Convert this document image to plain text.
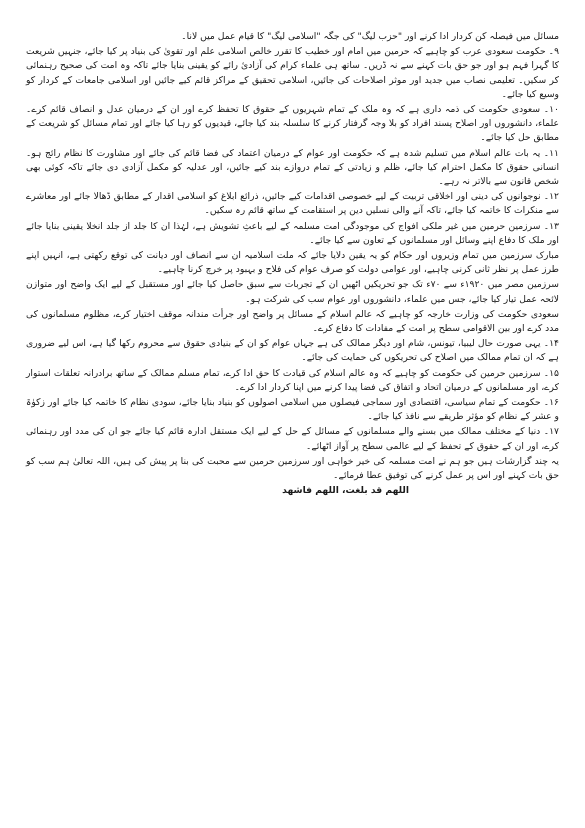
مسائل میں فیصلہ کن کردار ادا کرنے اور "حزب لیگ" کی جگہ "اسلامی لیگ" کا قیام عمل میں لانا۔

۹۔ حکومت سعودی عرب کو چاہیے کہ حرمین میں امام اور خطیب کا تقرر خالص اسلامی علم اور تقویٰ کی بنیاد پر کیا جائے، جنہیں شریعت کا گہرا فہم ہو اور جو حق بات کہنے سے نہ ڈریں۔ ساتھ ہی علماء کرام کی آزادیٔ رائے کو یقینی بنایا جائے تاکہ وہ امت کی صحیح رہنمائی کر سکیں۔ تعلیمی نصاب میں جدید اور موثر اصلاحات کی جائیں، اسلامی تحقیق کے مراکز قائم کیے جائیں اور اسلامی جامعات کے کردار کو وسیع کیا جائے۔

۱۰۔ سعودی حکومت کی ذمہ داری ہے کہ وہ ملک کے تمام شہریوں کے حقوق کا تحفظ کرے اور ان کے درمیان عدل و انصاف قائم کرے۔ علماء، دانشوروں اور اصلاح پسند افراد کو بلا وجہ گرفتار کرنے کا سلسلہ بند کیا جائے، قیدیوں کو رہا کیا جائے اور تمام مسائل کو شریعت کے مطابق حل کیا جائے۔

۱۱۔ یہ بات عالم اسلام میں تسلیم شدہ ہے کہ حکومت اور عوام کے درمیان اعتماد کی فضا قائم کی جائے اور مشاورت کا نظام رائج ہو۔ انسانی حقوق کا مکمل احترام کیا جائے، ظلم و زیادتی کے تمام دروازے بند کیے جائیں، اور عدلیہ کو مکمل آزادی دی جائے تاکہ کوئی بھی شخص قانون سے بالاتر نہ رہے۔

۱۲۔ نوجوانوں کی دینی اور اخلاقی تربیت کے لیے خصوصی اقدامات کیے جائیں، ذرائع ابلاغ کو اسلامی اقدار کے مطابق ڈھالا جائے اور معاشرے سے منکرات کا خاتمہ کیا جائے، تاکہ آنے والی نسلیں دین پر استقامت کے ساتھ قائم رہ سکیں۔

۱۳۔ سرزمین حرمین میں غیر ملکی افواج کی موجودگی امت مسلمہ کے لیے باعثِ تشویش ہے، لہٰذا ان کا جلد از جلد انخلا یقینی بنایا جائے اور ملک کا دفاع اپنے وسائل اور مسلمانوں کے تعاون سے کیا جائے۔

مبارک سرزمین میں تمام وزیروں اور حکام کو یہ یقین دلایا جائے کہ ملت اسلامیہ ان سے انصاف اور دیانت کی توقع رکھتی ہے، انہیں اپنے طرز عمل پر نظر ثانی کرنی چاہیے، اور عوامی دولت کو صرف عوام کی فلاح و بہبود پر خرچ کرنا چاہیے۔

سرزمین مصر میں ۱۹۲۰ء سے ۷۰ء تک جو تحریکیں اٹھیں ان کے تجربات سے سبق حاصل کیا جائے اور مستقبل کے لیے ایک واضح اور متوازن لائحہ عمل تیار کیا جائے، جس میں علماء، دانشوروں اور عوام سب کی شرکت ہو۔

سعودی حکومت کی وزارت خارجہ کو چاہیے کہ عالم اسلام کے مسائل پر واضح اور جرأت مندانہ موقف اختیار کرے، مظلوم مسلمانوں کی مدد کرے اور بین الاقوامی سطح پر امت کے مفادات کا دفاع کرے۔

۱۴۔ یہی صورت حال لیبیا، تیونس، شام اور دیگر ممالک کی ہے جہاں عوام کو ان کے بنیادی حقوق سے محروم رکھا گیا ہے، اس لیے ضروری ہے کہ ان تمام ممالک میں اصلاح کی تحریکوں کی حمایت کی جائے۔

۱۵۔ سرزمین حرمین کی حکومت کو چاہیے کہ وہ عالم اسلام کی قیادت کا حق ادا کرے، تمام مسلم ممالک کے ساتھ برادرانہ تعلقات استوار کرے، اور مسلمانوں کے درمیان اتحاد و اتفاق کی فضا پیدا کرنے میں اپنا کردار ادا کرے۔

۱۶۔ حکومت کے تمام سیاسی، اقتصادی اور سماجی فیصلوں میں اسلامی اصولوں کو بنیاد بنایا جائے، سودی نظام کا خاتمہ کیا جائے اور زکوٰۃ و عشر کے نظام کو مؤثر طریقے سے نافذ کیا جائے۔

۱۷۔ دنیا کے مختلف ممالک میں بسنے والے مسلمانوں کے مسائل کے حل کے لیے ایک مستقل ادارہ قائم کیا جائے جو ان کی مدد اور رہنمائی کرے، اور ان کے حقوق کے تحفظ کے لیے عالمی سطح پر آواز اٹھائے۔

یہ چند گزارشات ہیں جو ہم نے امت مسلمہ کی خیر خواہی اور سرزمین حرمین سے محبت کی بنا پر پیش کی ہیں، اللہ تعالیٰ ہم سب کو حق بات کہنے اور اس پر عمل کرنے کی توفیق عطا فرمائے۔

اللھم قد بلغت، اللھم فاشھد
